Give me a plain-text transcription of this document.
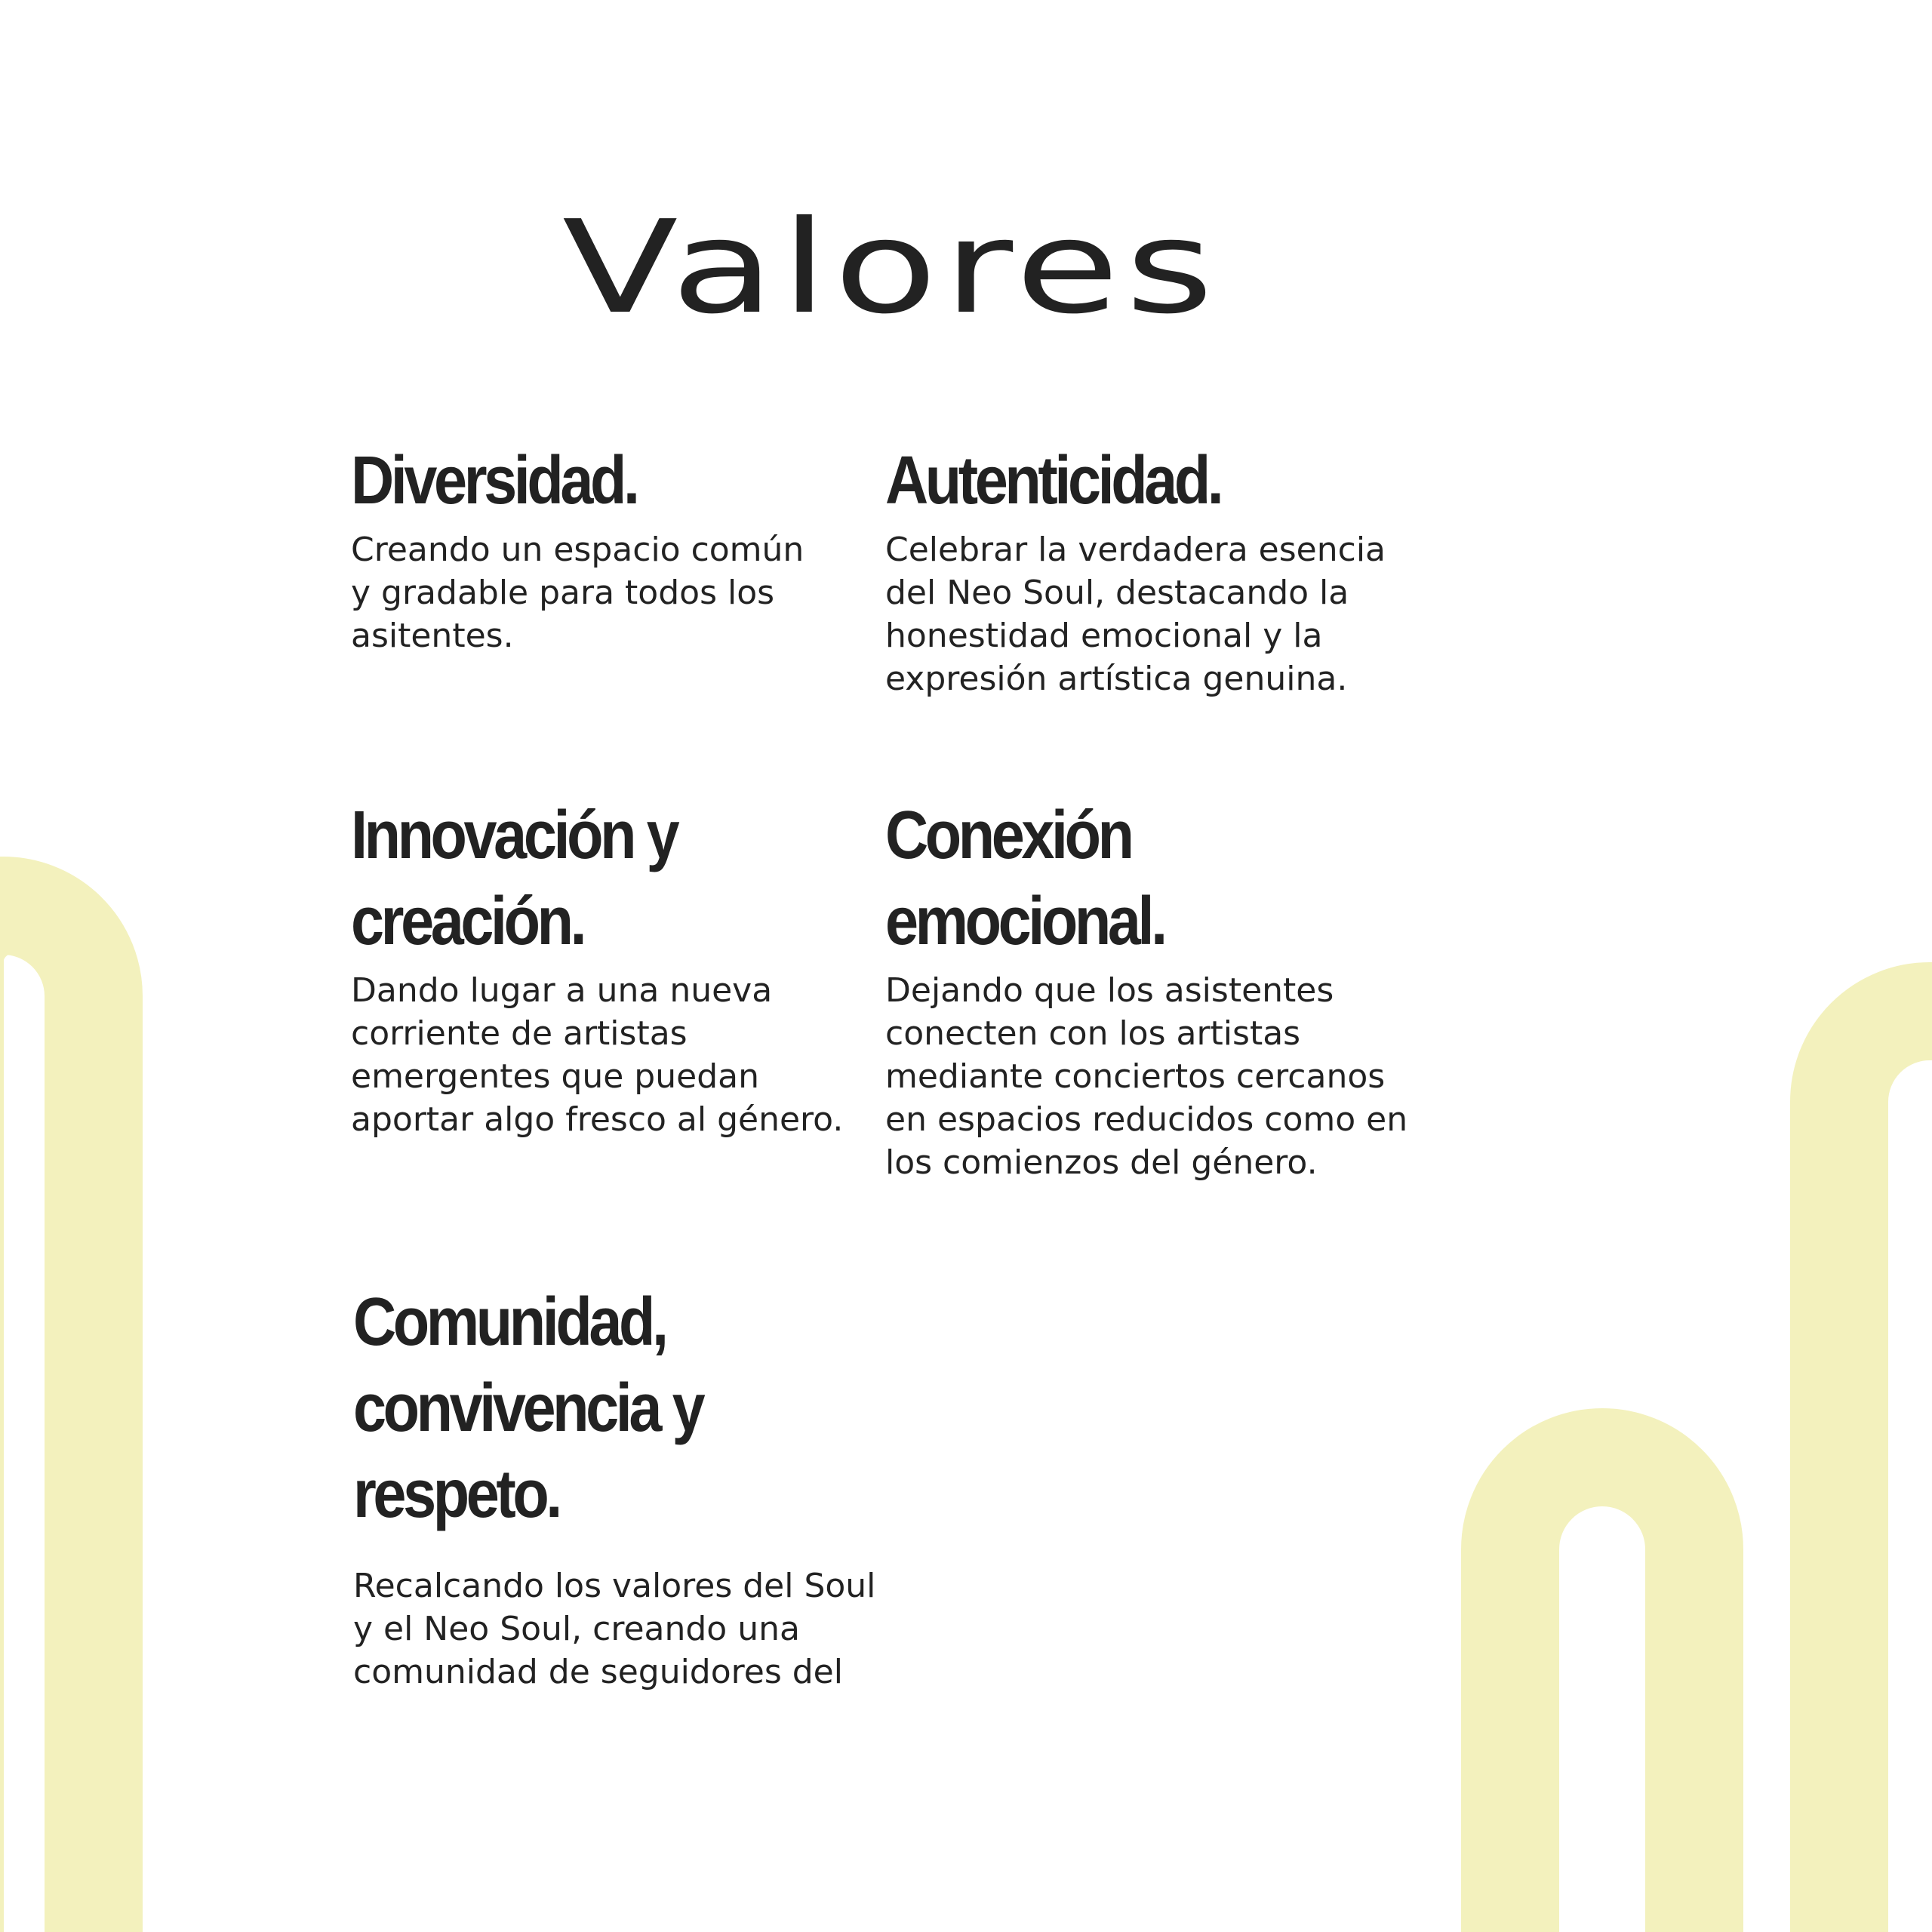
Valores
Diversidad.

Creando un espacio común
y gradable para todos los
asitentes.

Autenticidad.

Celebrar la verdadera esencia
del Neo Soul, destacando la
honestidad emocional y la
expresión artística genuina.

Innovación y
creación.

Dando lugar a una nueva
corriente de artistas
emergentes que puedan
aportar algo fresco al género.

Conexión
emocional.

Dejando que los asistentes
conecten con los artistas
mediante conciertos cercanos
en espacios reducidos como en
los comienzos del género.

Comunidad,
convivencia y
respeto.

Recalcando los valores del Soul
y el Neo Soul, creando una
comunidad de seguidores del
